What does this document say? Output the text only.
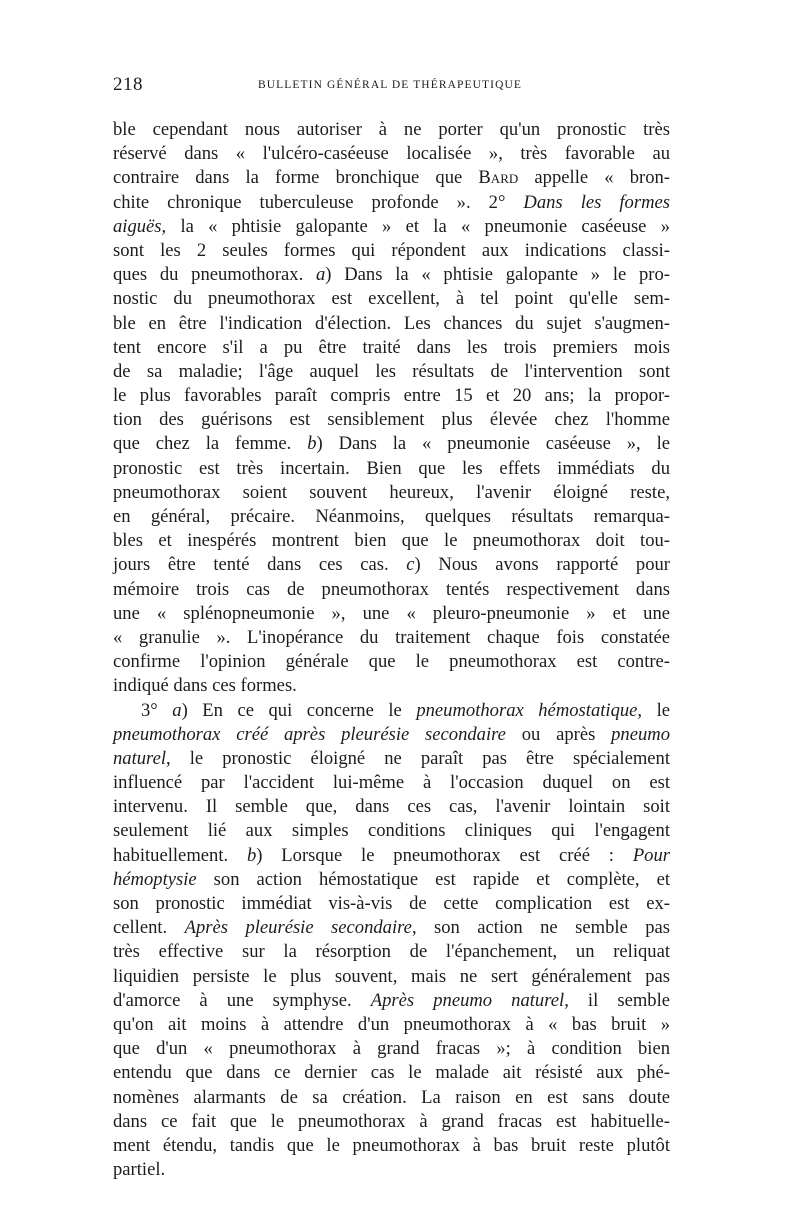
218	BULLETIN GÉNÉRAL DE THÉRAPEUTIQUE
ble cependant nous autoriser à ne porter qu'un pronostic très
réservé dans « l'ulcéro-caséeuse localisée », très favorable au
contraire dans la forme bronchique que Bard appelle « bron-
chite chronique tuberculeuse profonde ». 2° Dans les formes
aiguës, la « phtisie galopante » et la « pneumonie caséeuse »
sont les 2 seules formes qui répondent aux indications classi-
ques du pneumothorax. a) Dans la « phtisie galopante » le pro-
nostic du pneumothorax est excellent, à tel point qu'elle sem-
ble en être l'indication d'élection. Les chances du sujet s'augmen-
tent encore s'il a pu être traité dans les trois premiers mois
de sa maladie; l'âge auquel les résultats de l'intervention sont
le plus favorables paraît compris entre 15 et 20 ans; la propor-
tion des guérisons est sensiblement plus élevée chez l'homme
que chez la femme. b) Dans la « pneumonie caséeuse », le
pronostic est très incertain. Bien que les effets immédiats du
pneumothorax soient souvent heureux, l'avenir éloigné reste,
en général, précaire. Néanmoins, quelques résultats remarqua-
bles et inespérés montrent bien que le pneumothorax doit tou-
jours être tenté dans ces cas. c) Nous avons rapporté pour
mémoire trois cas de pneumothorax tentés respectivement dans
une « splénopneumonie », une « pleuro-pneumonie » et une
« granulie ». L'inopérance du traitement chaque fois constatée
confirme l'opinion générale que le pneumothorax est contre-
indiqué dans ces formes.
3° a) En ce qui concerne le pneumothorax hémostatique, le
pneumothorax créé après pleurésie secondaire ou après pneumo
naturel, le pronostic éloigné ne paraît pas être spécialement
influencé par l'accident lui-même à l'occasion duquel on est
intervenu. Il semble que, dans ces cas, l'avenir lointain soit
seulement lié aux simples conditions cliniques qui l'engagent
habituellement. b) Lorsque le pneumothorax est créé : Pour
hémoptysie son action hémostatique est rapide et complète, et
son pronostic immédiat vis-à-vis de cette complication est ex-
cellent. Après pleurésie secondaire, son action ne semble pas
très effective sur la résorption de l'épanchement, un reliquat
liquidien persiste le plus souvent, mais ne sert généralement pas
d'amorce à une symphyse. Après pneumo naturel, il semble
qu'on ait moins à attendre d'un pneumothorax à « bas bruit »
que d'un « pneumothorax à grand fracas »; à condition bien
entendu que dans ce dernier cas le malade ait résisté aux phé-
nomènes alarmants de sa création. La raison en est sans doute
dans ce fait que le pneumothorax à grand fracas est habituelle-
ment étendu, tandis que le pneumothorax à bas bruit reste plutôt
partiel.
